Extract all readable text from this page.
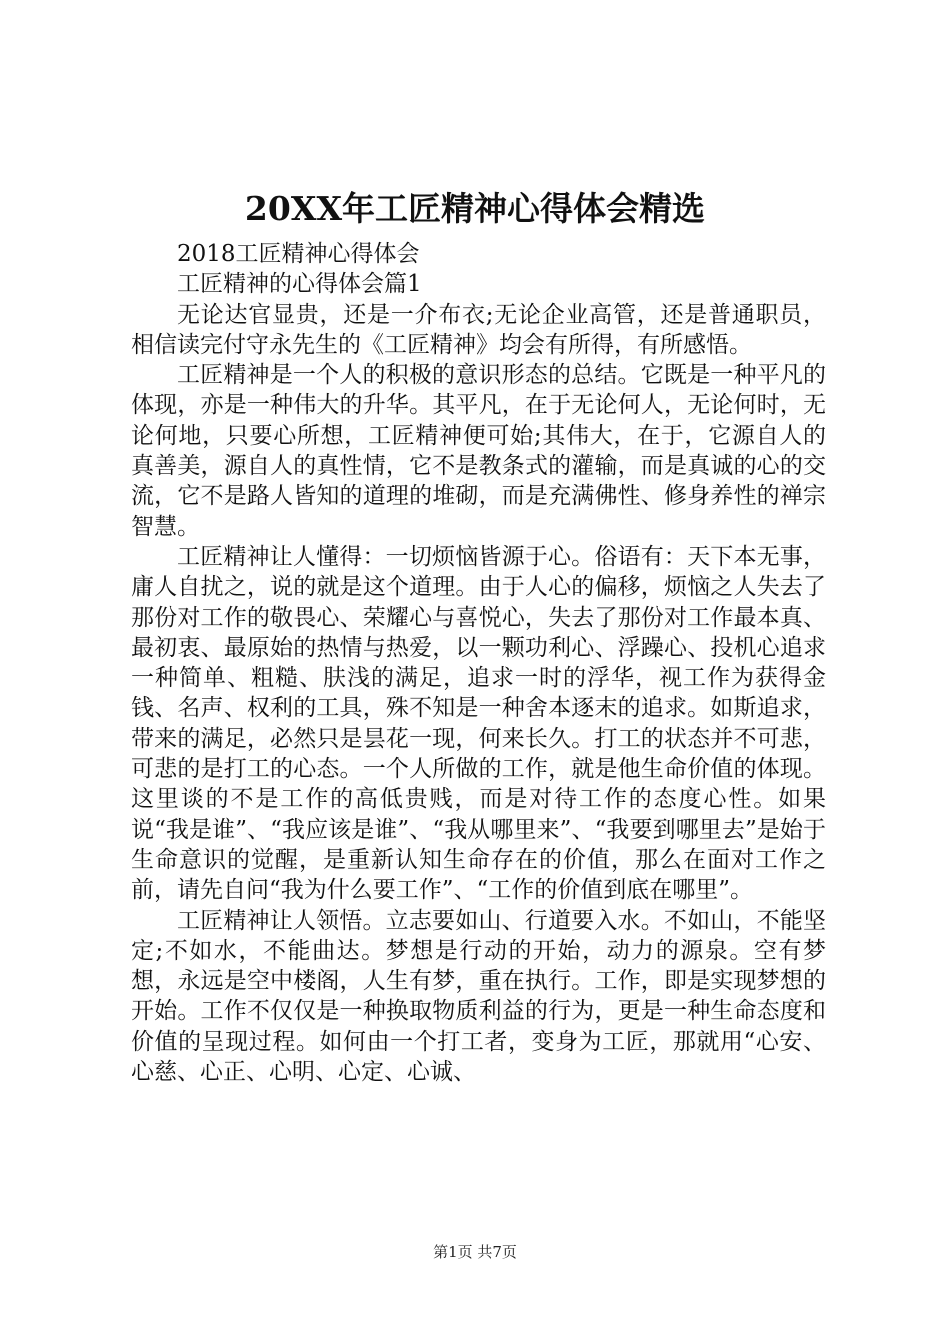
20XX年工匠精神心得体会精选

2018工匠精神心得体会

工匠精神的心得体会篇1

无论达官显贵，还是一介布衣;无论企业高管，还是普通职员，相信读完付守永先生的《工匠精神》均会有所得，有所感悟。

工匠精神是一个人的积极的意识形态的总结。它既是一种平凡的体现，亦是一种伟大的升华。其平凡，在于无论何人，无论何时，无论何地，只要心所想，工匠精神便可始;其伟大，在于，它源自人的真善美，源自人的真性情，它不是教条式的灌输，而是真诚的心的交流，它不是路人皆知的道理的堆砌，而是充满佛性、修身养性的禅宗智慧。

工匠精神让人懂得：一切烦恼皆源于心。俗语有：天下本无事，庸人自扰之，说的就是这个道理。由于人心的偏移，烦恼之人失去了那份对工作的敬畏心、荣耀心与喜悦心，失去了那份对工作最本真、最初衷、最原始的热情与热爱，以一颗功利心、浮躁心、投机心追求一种简单、粗糙、肤浅的满足，追求一时的浮华，视工作为获得金钱、名声、权利的工具，殊不知是一种舍本逐末的追求。如斯追求，带来的满足，必然只是昙花一现，何来长久。打工的状态并不可悲，可悲的是打工的心态。一个人所做的工作，就是他生命价值的体现。这里谈的不是工作的高低贵贱，而是对待工作的态度心性。如果说“我是谁”、“我应该是谁”、“我从哪里来”、“我要到哪里去”是始于生命意识的觉醒，是重新认知生命存在的价值，那么在面对工作之前，请先自问“我为什么要工作”、“工作的价值到底在哪里”。

工匠精神让人领悟。立志要如山、行道要入水。不如山，不能坚定;不如水，不能曲达。梦想是行动的开始，动力的源泉。空有梦想，永远是空中楼阁，人生有梦，重在执行。工作，即是实现梦想的开始。工作不仅仅是一种换取物质利益的行为，更是一种生命态度和价值的呈现过程。如何由一个打工者，变身为工匠，那就用“心安、心慈、心正、心明、心定、心诚、

第1页 共7页
